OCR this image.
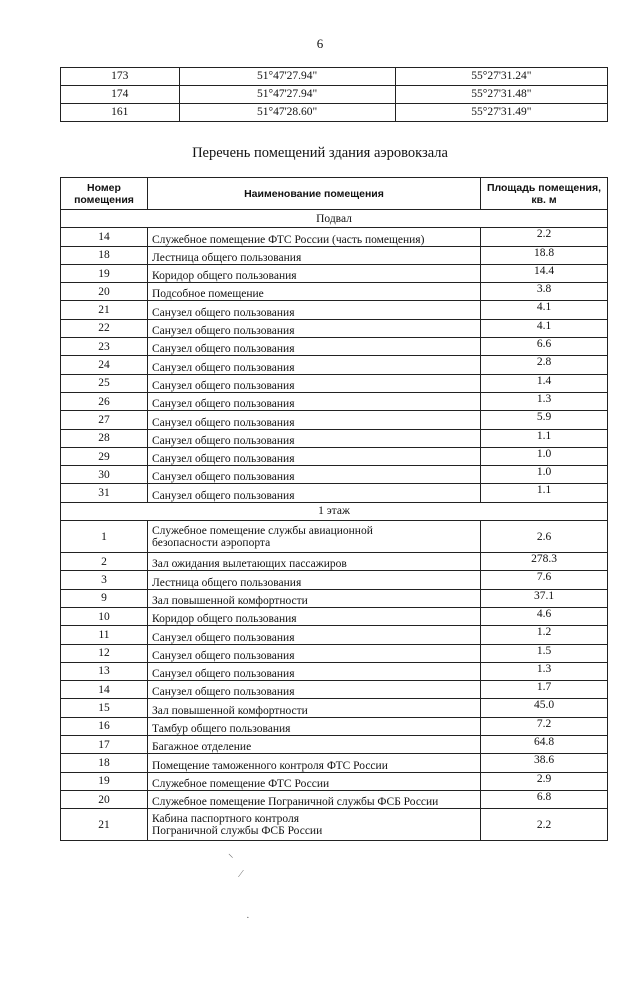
6
173	51°47'27.94"	55°27'31.24"
174	51°47'27.94"	55°27'31.48"
161	51°47'28.60"	55°27'31.49"
Перечень помещений здания аэровокзала
Номер помещения	Наименование помещения	Площадь помещения, кв. м
Подвал		
14	Служебное помещение ФТС России (часть помещения)	2.2
18	Лестница общего пользования	18.8
19	Коридор общего пользования	14.4
20	Подсобное помещение	3.8
21	Санузел общего пользования	4.1
22	Санузел общего пользования	4.1
23	Санузел общего пользования	6.6
24	Санузел общего пользования	2.8
25	Санузел общего пользования	1.4
26	Санузел общего пользования	1.3
27	Санузел общего пользования	5.9
28	Санузел общего пользования	1.1
29	Санузел общего пользования	1.0
30	Санузел общего пользования	1.0
31	Санузел общего пользования	1.1
1 этаж		
1	Служебное помещение службы авиационной
безопасности аэропорта	2.6
2	Зал ожидания вылетающих пассажиров	278.3
3	Лестница общего пользования	7.6
9	Зал повышенной комфортности	37.1
10	Коридор общего пользования	4.6
11	Санузел общего пользования	1.2
12	Санузел общего пользования	1.5
13	Санузел общего пользования	1.3
14	Санузел общего пользования	1.7
15	Зал повышенной комфортности	45.0
16	Тамбур общего пользования	7.2
17	Багажное отделение	64.8
18	Помещение таможенного контроля ФТС России	38.6
19	Служебное помещение ФТС России	2.9
20	Служебное помещение Пограничной службы ФСБ России	6.8
21	Кабина паспортного контроля
Пограничной службы ФСБ России	2.2
⸜
⁄
·
